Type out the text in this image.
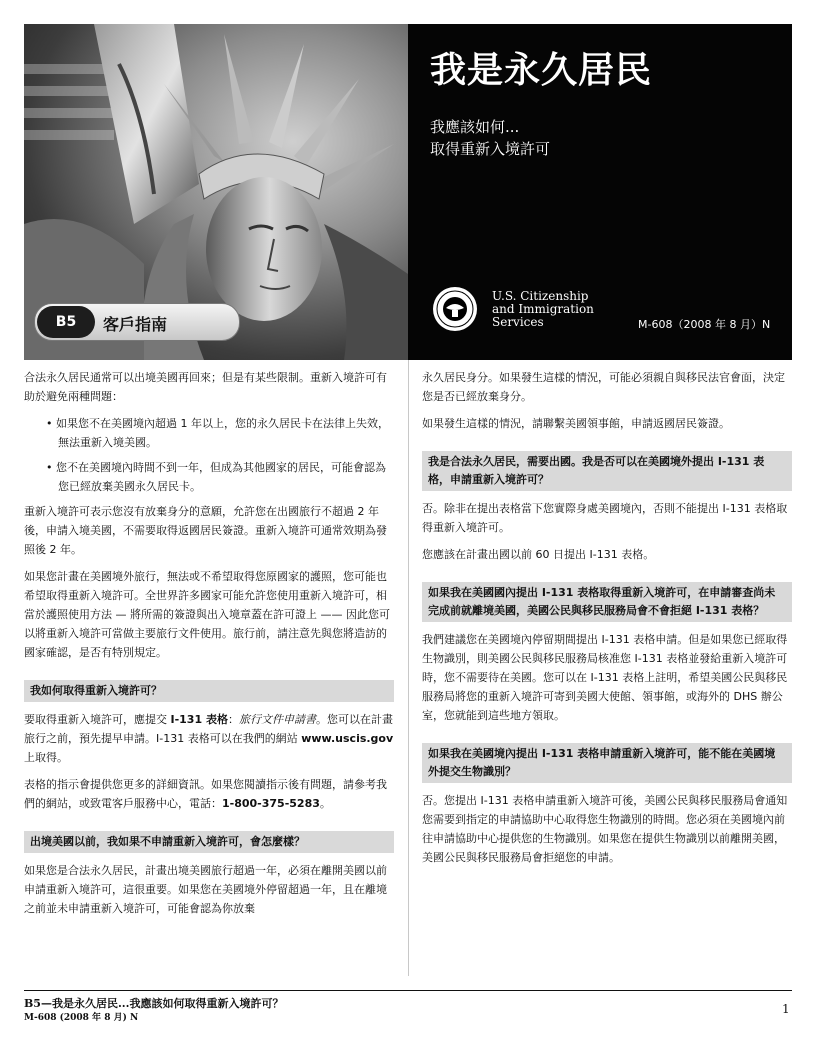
B5	客戶指南
我是永久居民
我應該如何...
取得重新入境許可
U.S. Citizenship
and Immigration
Services	M-608（2008 年 8 月）N

合法永久居民通常可以出境美國再回來；但是有某些限制。重新入境許可有助於避免兩種問題：

• 如果您不在美國境內超過 1 年以上，您的永久居民卡在法律上失效，無法重新入境美國。

• 您不在美國境內時間不到一年，但成為其他國家的居民，可能會認為您已經放棄美國永久居民卡。

重新入境許可表示您沒有放棄身分的意願，允許您在出國旅行不超過 2 年後，申請入境美國，不需要取得返國居民簽證。重新入境許可通常效期為發照後 2 年。

如果您計畫在美國境外旅行，無法或不希望取得您原國家的護照，您可能也希望取得重新入境許可。全世界許多國家可能允許您使用重新入境許可，相當於護照使用方法 — 將所需的簽證與出入境章蓋在許可證上 —— 因此您可以將重新入境許可當做主要旅行文件使用。旅行前，請注意先與您將造訪的國家確認，是否有特別規定。

我如何取得重新入境許可？

要取得重新入境許可，應提交 I-131 表格：旅行文件申請書。您可以在計畫旅行之前，預先提早申請。I-131 表格可以在我們的網站 www.uscis.gov 上取得。

表格的指示會提供您更多的詳細資訊。如果您閱讀指示後有問題，請參考我們的網站，或致電客戶服務中心，電話：1-800-375-5283。

出境美國以前，我如果不申請重新入境許可，會怎麼樣？

如果您是合法永久居民，計畫出境美國旅行超過一年，必須在離開美國以前申請重新入境許可，這很重要。如果您在美國境外停留超過一年，且在離境之前並未申請重新入境許可，可能會認為你放棄

永久居民身分。如果發生這樣的情況，可能必須親自與移民法官會面，決定您是否已經放棄身分。

如果發生這樣的情況，請聯繫美國領事館，申請返國居民簽證。

我是合法永久居民，需要出國。我是否可以在美國境外提出 I-131 表格，申請重新入境許可？

否。除非在提出表格當下您實際身處美國境內，否則不能提出 I-131 表格取得重新入境許可。

您應該在計畫出國以前 60 日提出 I-131 表格。

如果我在美國國內提出 I-131 表格取得重新入境許可，在申請審查尚未完成前就離境美國，美國公民與移民服務局會不會拒絕 I-131 表格？

我們建議您在美國境內停留期間提出 I-131 表格申請。但是如果您已經取得生物識別，則美國公民與移民服務局核准您 I-131 表格並發給重新入境許可時，您不需要待在美國。您可以在 I-131 表格上註明，希望美國公民與移民服務局將您的重新入境許可寄到美國大使館、領事館，或海外的 DHS 辦公室，您就能到這些地方領取。

如果我在美國境內提出 I-131 表格申請重新入境許可，能不能在美國境外提交生物識別？

否。您提出 I-131 表格申請重新入境許可後，美國公民與移民服務局會通知您需要到指定的申請協助中心取得您生物識別的時間。您必須在美國境內前往申請協助中心提供您的生物識別。如果您在提供生物識別以前離開美國，美國公民與移民服務局會拒絕您的申請。

B5—我是永久居民...我應該如何取得重新入境許可？
M-608 (2008 年 8 月) N
1
